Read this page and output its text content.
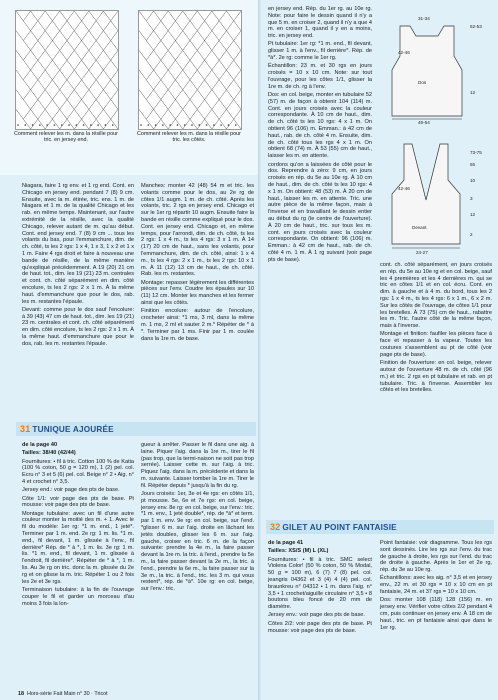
Comment relever les m. dans la résille pour tric. en jersey end.
Comment relever les m. dans la résille pour tric. les côtés.

Niagara, faire 1 rg env. et 1 rg end. Cont. en Chicago en jersey end. pendant 7 (8) 9 cm. Ensuite, avec la m. étirée, tric. ens. 1 m. de Niagara et 1 m. de la qualité Chicago et les rab. en même temps. Maintenant, sur l'autre extrémité de la résille, avec la qualité Chicago, relever autant de m. qu'au début. Cont. end jersey end. 7 (8) 9 cm ... tous les volants du bas, pour l'emmanchure, dim. de ch. côté, ts les 2 rgs: 1 x 4, 1 x 3, 1 x 2 et 1 x 1 m. Faire 4 rgs droit et faire à nouveau une bande de résille, de la même manière qu'expliqué précédemment. A 19 (20) 21 cm de haut. tot., dim. les 19 (21) 23 m. centrales et cont. ch. côté séparément en dim. côté encolure, ts les 2 rgs: 2 x 1 m. À la même haut. d'emmanchure que pour le dos, rab. les m. restantes l'épaule.

Devant: comme pour le dos sauf l'encolure: à 39 (43) 47 cm de haut. tot., dim. les 19 (21) 23 m. centrales et cont. ch. côté séparément en dim. côté encolure, ts les 2 rgs: 2 x 1 m. À la même haut. d'emmanchure que pour le dos, rab. les m. restantes l'épaule.

Manches: monter 42 (48) 54 m et tric. les volants comme pour le dos, au 2e rg de côtes 1/1 augm. 1 m. de ch. côté. Après les volants, tric. 2 rgs en jersey end. Chicago et sur le 1er rg répartir 10 augm. Ensuite faire la bande en résille comme expliqué pour le dos. Cont. en jersey end. Chicago et, en même temps, pour l'arrondi, dim. de ch. côté, ts les 2 rgs: 1 x 4 m., ts les 4 rgs: 3 x 1 m. À 14 (17) 20 cm de haut., sans les volants, pour l'emmanchure, dim. de ch. côté, ainsi: 1 x 4 m., ts les 4 rgs: 2 x 1 m., ts les 2 rgs: 10 x 1 m. À 11 (12) 13 cm de haut., de ch. côté. Rab. les m. restantes.

Montage: repasser légèrement les différentes pièces sur l'env. Coudre les épaules sur 10 (11) 12 cm. Monter les manches et les fermer ainsi que les côtés.

Finition encolure: autour de l'encolure, crocheter ainsi: *1 ms, 3 ml, dans la même m. 1 ms, 2 ml et sauter 2 m.* Répéter de * à *. Terminer par 1 ms. Finir par 1 m. coulée dans la 1re m. de base.

31 TUNIQUE AJOURÉE

de la page 40

Tailles: 38/40 (42/44)

Fournitures: • fil à tric. Cotton 100 % de Katia (100 % coton, 50 g = 120 m), 1 (2) pel. col. Ecru n° 3 et 5 (6) pel. col. Beige n° 2 • Aig. n° 4 et crochet n° 3,5.

Jersey end.: voir page des pts de base.

Côte 1/1: voir page des pts de base. Pt mousse: voir page des pts de base.

Montage tubulaire: avec un fil d'une autre couleur monter la moitié des m. + 1. Avec le fil du modèle: 1er rg: *1 m. end., 1 jeté*. Terminer par 1 m. end. 2e rg: 1 m. lis. *1 m. end., fil devant, 1 m. glissée à l'env., fil derrière* Rép. de * à *, 1 m. lis. 3e rg: 1 m. lis. *1 m. end., fil devant, 1 m. glissée à l'endroit, fil derrière*. Répéter de * à *, 1 m. lis. Au 3e rg on tric. donc la m. glissée du 2e rg et on glisse la m. tric. Répéter 1 ou 2 fois les 2e et 3e rgs.

Terminaison tubulaire: à la fin de l'ouvrage couper le fil et garder un morceau d'au moins 3 fois la lon-

gueur à arrêter. Passer le fil dans une aig. à laine. Piquer l'aig. dans la 1re m., tirer le fil (pas trop, que la termi-naison ne soit pas trop serrée). Laisser cette m. sur l'aig. à tric. Piquez l'aig. dans la m. précédente et dans la m. suivante. Laisser tomber la 1re m. Tirer le fil. Répéter depuis * jusqu'à la fin du rg.

Jours croisés: 1er, 3e et 4e rgs: en côtés 1/1, pt mousse. 5e, 6e et 7e rgs: en col. beige, jersey env. 8e rg: en col. beige, sur l'env.: tric. *1 m. env., 1 jeté double*, rép. de *à* et term. par 1 m. env. 9e rg: en col. beige, sur l'end. *glisser 6 m. sur l'aig. droite en lâchant les jetés doubles, glisser les 6 m. sur l'aig. gauche, croiser en tric. 6 m. de la façon suivante: prendre la 4e m., la faire passer devant la 1re m. la tric. à l'end., prendre la 5e m., la faire passer devant la 2e m., la tric. à l'end., prendre la 6e m., la faire passer sur la 3e m., la tric. à l'end., tric. les 3 m. qui vous restent*, rép. de *à*. 10e rg: en col. beige, sur l'env.: tric.

18 Hors-série Fait Main n° 30 · Tricot

en jersey end. Rép. du 1er rg. au 10e rg. Note: pour faire le dessin quand il n'y a que 5 m. en croiser 2, quand il n'y a que 4 m. en croiser 1, quand il y en a moins, tric. en jersey end.

Pt tubulaire: 1er rg: *1 m. end., fil devant, glisser 1 m. à l'env., fil derrière*. Rép. de *à*. 2e rg: comme le 1er rg.

Échantillon: 23 m. et 30 rgs en jours croisés = 10 x 10 cm. Note: sur tout l'ouvrage, pour les côtes 1/1, glisser la 1re m. de ch. rg à l'env.

Dos: en col. beige, monter en tubulaire 52 (57) m. de façon à obtenir 104 (114) m. Cont. en jours croisés avec la couleur correspondante. À 10 cm de haut., dim. de ch. côté ts les 10 rgs: 4 x 1 m. On obtient 96 (106) m. Emman.: à 42 cm de haut., rab. de ch. côté 4 m. Ensuite, dim. de ch. côté tous les rgs 4 x 1 m. On obtient 68 (74) m. À 53 (55) cm de haut., laisser les m. en attente.

cordons qu'on a laissées de côté pour le dos. Reprendre à zéro: 9 cm, en jours croisés en rép. du 5e au 10e rg. À 10 cm de haut., dim. de ch. côté ts les 10 rgs: 4 x 1 m. On obtient: 48 (53) m. À 20 cm de haut., laisser les m. en attente. Tric. une autre pièce de la même façon, mais à l'inverse et en travaillant le dessin entier au début du rg (le centre de l'ouverture). À 20 cm de haut., tric. sur tous les m. cont. en jours croisés avec la couleur correspondante. On obtient: 96 (106) m. Emman.: à 42 cm de haut., rab. de ch. côté 4 m. 1 m. À 1 rg suivant (voir page pts de base).

Dos
31-34
52-53
42-46
12
49-54
Devant
73-75
55
42-46
10
3
12
2
24-27

cont. ch. côté séparément, en jours croisés en rép. du 5e au 10e rg et en col. beige, sauf les 4 premières et les 4 dernières m. qui se tric en côtes 1/1 et en col. écru. Cont. en dim. à gauche et à 4 m. du bord, tous les 2 rgs: 1 x 4 m., ts les 4 rgs: 6 x 1 m., 6 x 2 m. Sur les côtés de l'ouvrage, de côtes 1/1 pour les bretelles. À 73 (75) cm de haut., rabattre les m. Tric. l'autre côté de la même façon, mais à l'inverse.

Montage et finition: faufiler les pièces face à face et repasser à la vapeur. Toutes les coutures s'assemblent au pt de côté (voir page pts de base).

Finition de l'ouverture: en col. beige, relever autour de l'ouverture 48 m. de ch. côté (96 m.) et tric. 2 rgs en pt tubulaire et rab. en pt tubulaire. Tric. à l'inverse. Assembler les côtés et les bretelles.

32 GILET AU POINT FANTAISIE

de la page 41

Tailles: XS/S (M) L (XL)

Fournitures: • fil à tric. SMC select Violena Color! (50 % coton, 50 % Modal, 50 g = 100 m), 6 (7) 7 (8) pel. col. jeangris 04362 et 3 (4) 4 (4) pel. col. braunkreu n° 04312 • 1 m. dans l'aig. n° 3,5 • 1 crochet/aiguille circulaire n° 3,5 • 8 boutons bleu foncé de 20 mm de diamètre.

Jersey env.: voir page des pts de base.

Côtes 2/2: voir page des pts de base. Pt mousse: voir page des pts de base.

Point fantaisie: voir diagramme. Tous les rgs sont dessinés. Lire les rgs sur l'env. du trac de gauche à droite, les rgs sur l'end. du trac de droite à gauche. Après le 1er et 2e rg, rép. du 3e au 10e rg.

Échantillons: avec les aig. n° 3,5 et en jersey env., 22 m. et 30 rgs = 10 x 10 cm en pt fantaisie, 24 m. et 37 rgs = 10 x 10 cm.

Dos: monter 108 (118) 128 (156) m. en jersey env. Vérifier votre côtes 2/2 pendant 4 cm, puis continuer en jersey env. À 18 cm de haut., tric. en pt fantaisie ainsi que dans le 1er rg.
